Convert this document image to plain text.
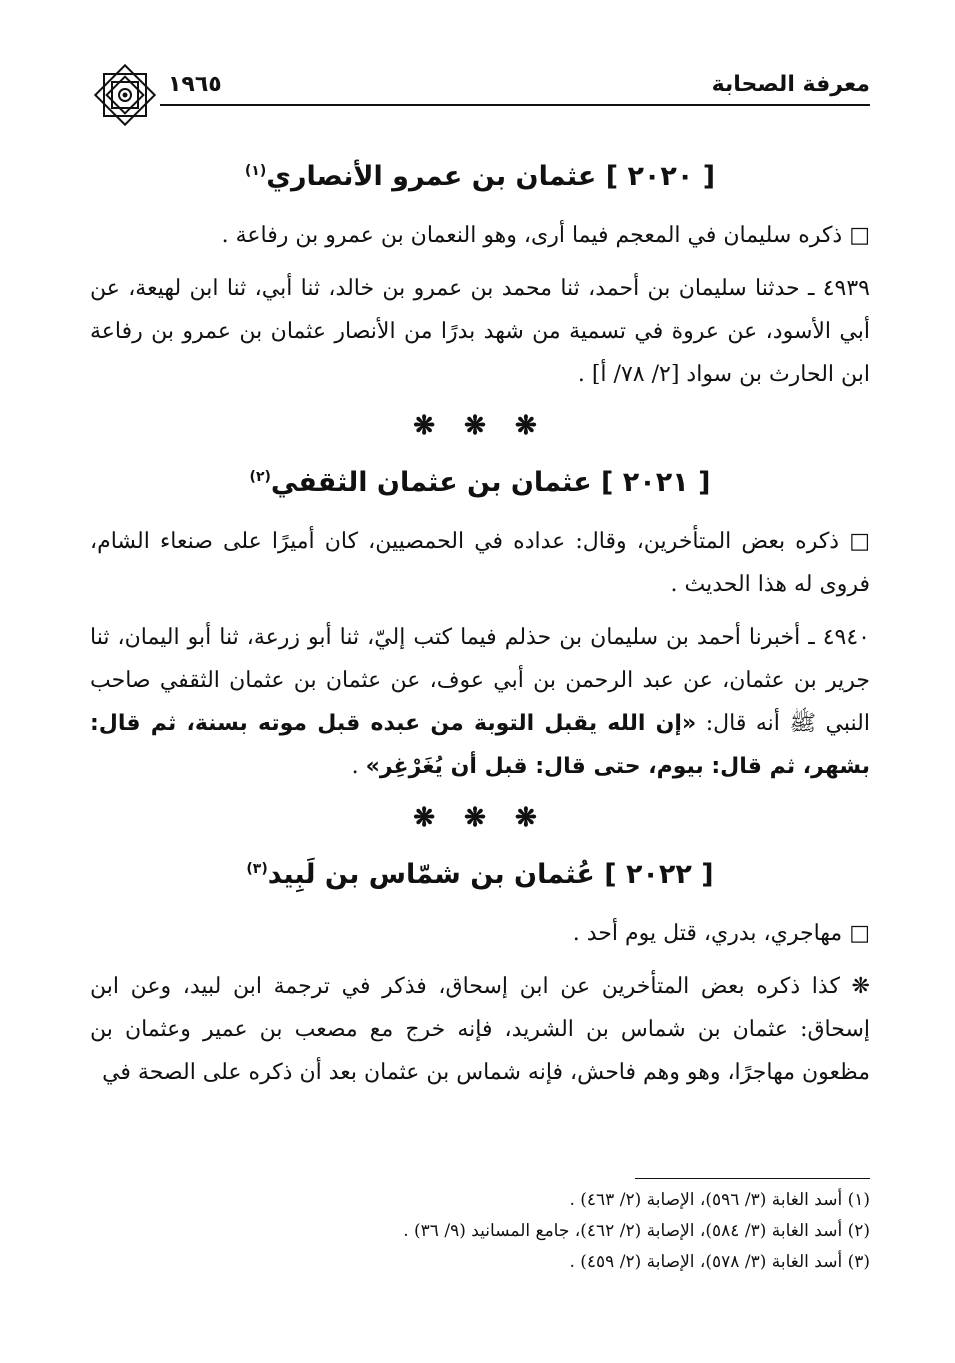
١٩٦٥	معرفة الصحابة
[ ٢٠٢٠ ] عثمان بن عمرو الأنصاري$^{(١)}$

□ ذكره سليمان في المعجم فيما أرى، وهو النعمان بن عمرو بن رفاعة .

٤٩٣٩ ـ حدثنا سليمان بن أحمد، ثنا محمد بن عمرو بن خالد، ثنا أبي، ثنا ابن لهيعة، عن أبي الأسود، عن عروة في تسمية من شهد بدرًا من الأنصار عثمان بن عمرو بن رفاعة ابن الحارث بن سواد [٢/ ٧٨/ أ] .

❋ ❋ ❋
[ ٢٠٢١ ] عثمان بن عثمان الثقفي$^{(٢)}$

□ ذكره بعض المتأخرين، وقال: عداده في الحمصيين، كان أميرًا على صنعاء الشام، فروى له هذا الحديث .

٤٩٤٠ ـ أخبرنا أحمد بن سليمان بن حذلم فيما كتب إليّ، ثنا أبو زرعة، ثنا أبو اليمان، ثنا جرير بن عثمان، عن عبد الرحمن بن أبي عوف، عن عثمان بن عثمان الثقفي صاحب النبي ﷺ أنه قال: «إن الله يقبل التوبة من عبده قبل موته بسنة، ثم قال: بشهر، ثم قال: بيوم، حتى قال: قبل أن يُغَرْغِر» .

❋ ❋ ❋
[ ٢٠٢٢ ] عُثمان بن شمّاس بن لَبِيد$^{(٣)}$

□ مهاجري، بدري، قتل يوم أحد .

❋ كذا ذكره بعض المتأخرين عن ابن إسحاق، فذكر في ترجمة ابن لبيد، وعن ابن إسحاق: عثمان بن شماس بن الشريد، فإنه خرج مع مصعب بن عمير وعثمان بن مظعون مهاجرًا، وهو وهم فاحش، فإنه شماس بن عثمان بعد أن ذكره على الصحة في

(١) أسد الغابة (٣/ ٥٩٦)، الإصابة (٢/ ٤٦٣) .
(٢) أسد الغابة (٣/ ٥٨٤)، الإصابة (٢/ ٤٦٢)، جامع المسانيد (٩/ ٣٦) .
(٣) أسد الغابة (٣/ ٥٧٨)، الإصابة (٢/ ٤٥٩) .
